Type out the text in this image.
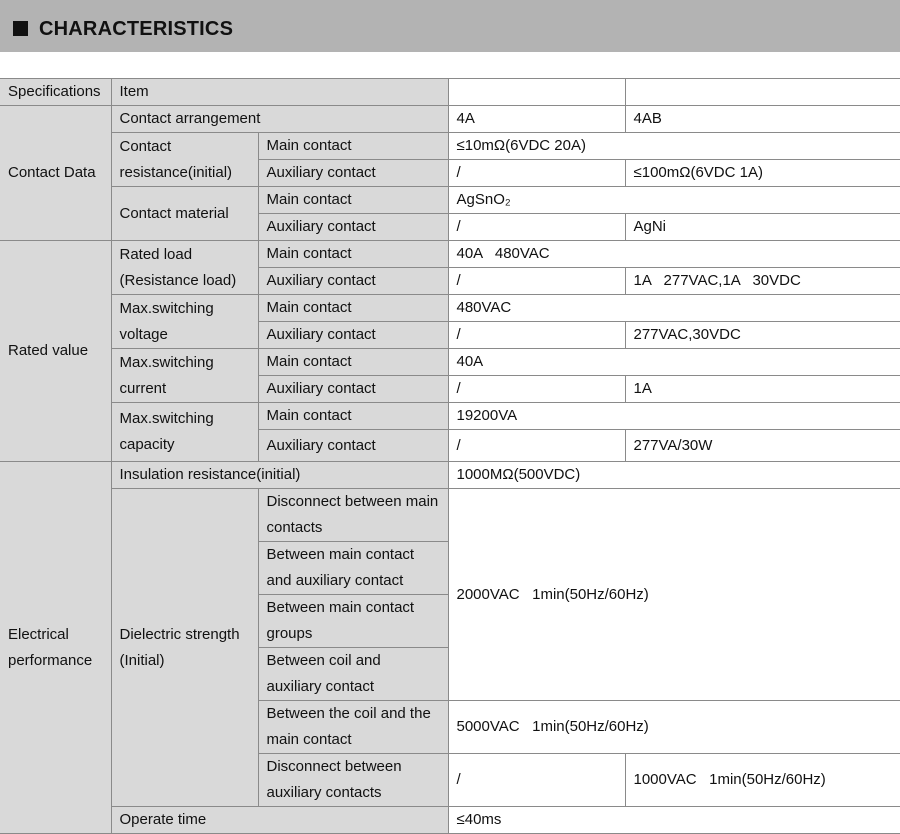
CHARACTERISTICS
Specifications	Item			
Contact Data	Contact arrangement		4A	4AB
	Contact resistance(initial)	Main contact	≤10mΩ(6VDC 20A)	
		Auxiliary contact	/	≤100mΩ(6VDC 1A)
	Contact material	Main contact	AgSnO₂	
		Auxiliary contact	/	AgNi
Rated value	Rated load (Resistance load)	Main contact	40A   480VAC	
		Auxiliary contact	/	1A   277VAC,1A   30VDC
	Max.switching voltage	Main contact	480VAC	
		Auxiliary contact	/	277VAC,30VDC
	Max.switching current	Main contact	40A	
		Auxiliary contact	/	1A
	Max.switching capacity	Main contact	19200VA	
		Auxiliary contact	/	277VA/30W
Electrical performance	Insulation resistance(initial)		1000MΩ(500VDC)	
	Dielectric strength (Initial)	Disconnect between main contacts	2000VAC   1min(50Hz/60Hz)	
		Between main contact and auxiliary contact		
		Between main contact groups		
		Between coil and auxiliary contact		
		Between the coil and the main contact	5000VAC   1min(50Hz/60Hz)	
		Disconnect between auxiliary contacts	/	1000VAC   1min(50Hz/60Hz)
	Operate time		≤40ms	
